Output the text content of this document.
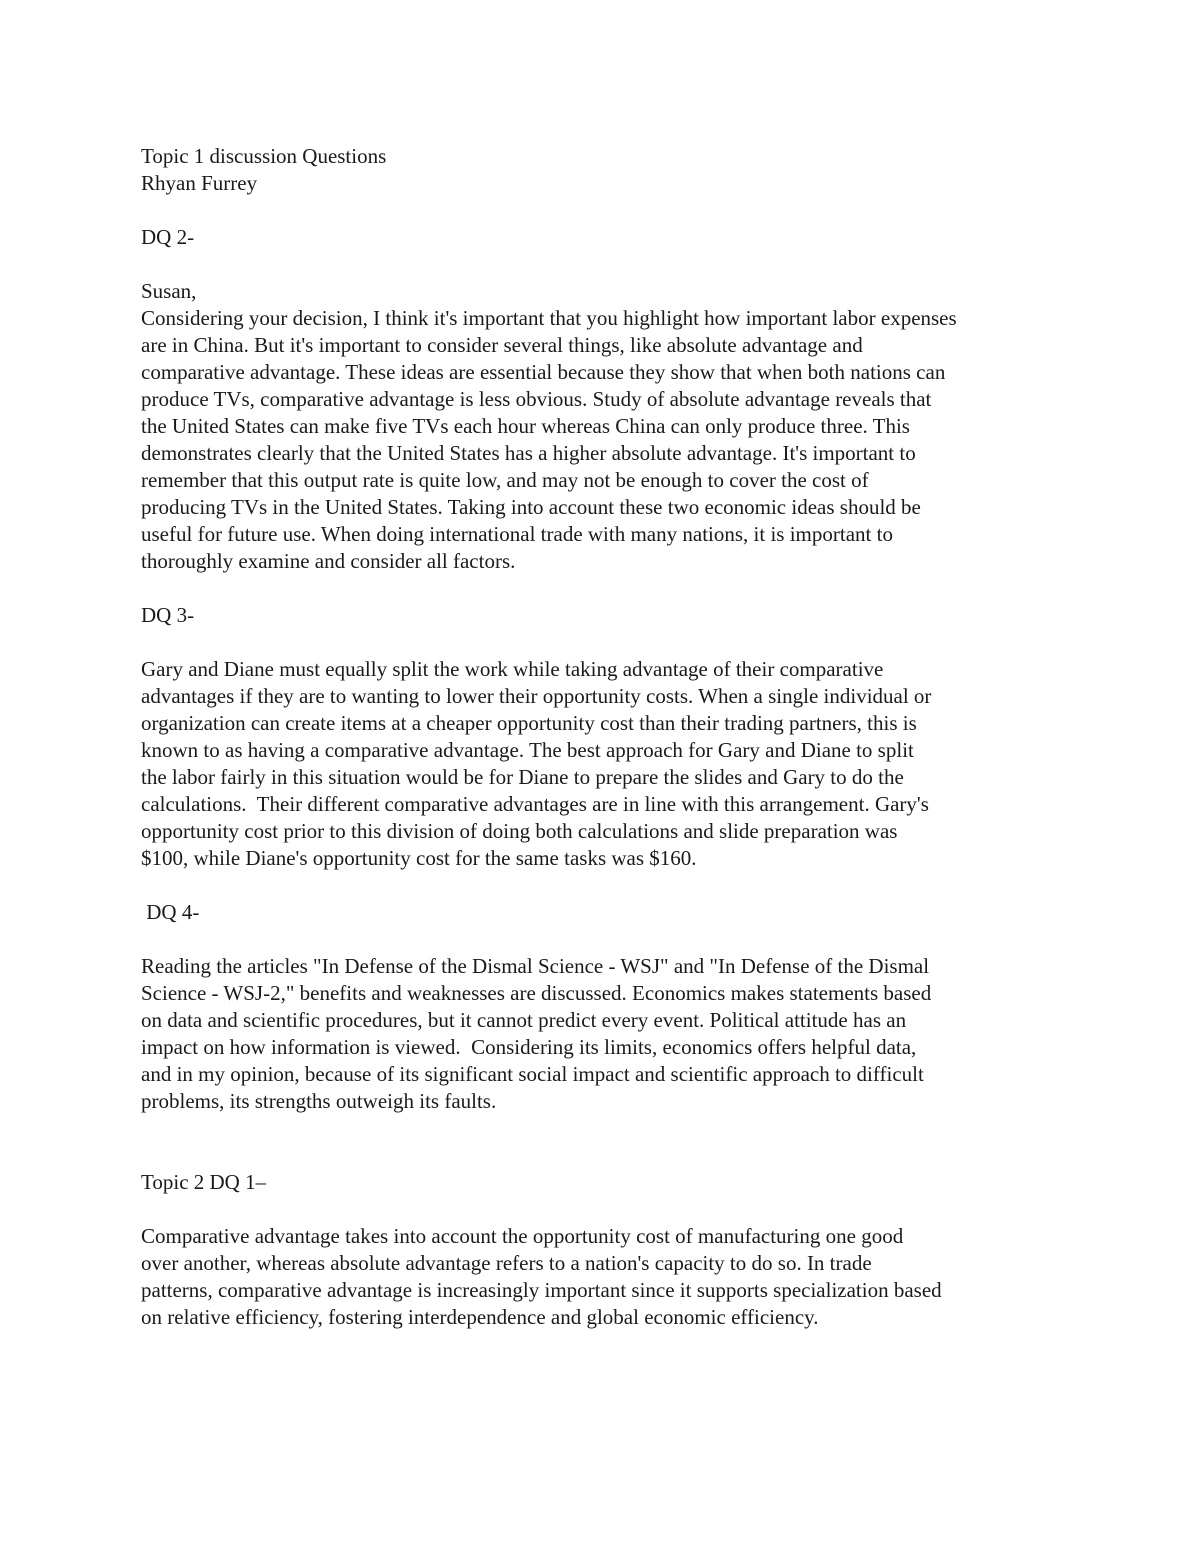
Topic 1 discussion Questions
Rhyan Furrey
DQ 2-
Susan,
Considering your decision, I think it's important that you highlight how important labor expenses
are in China. But it's important to consider several things, like absolute advantage and
comparative advantage. These ideas are essential because they show that when both nations can
produce TVs, comparative advantage is less obvious. Study of absolute advantage reveals that
the United States can make five TVs each hour whereas China can only produce three. This
demonstrates clearly that the United States has a higher absolute advantage. It's important to
remember that this output rate is quite low, and may not be enough to cover the cost of
producing TVs in the United States. Taking into account these two economic ideas should be
useful for future use. When doing international trade with many nations, it is important to
thoroughly examine and consider all factors.
DQ 3-
Gary and Diane must equally split the work while taking advantage of their comparative
advantages if they are to wanting to lower their opportunity costs. When a single individual or
organization can create items at a cheaper opportunity cost than their trading partners, this is
known to as having a comparative advantage. The best approach for Gary and Diane to split
the labor fairly in this situation would be for Diane to prepare the slides and Gary to do the
calculations.  Their different comparative advantages are in line with this arrangement. Gary's
opportunity cost prior to this division of doing both calculations and slide preparation was
$100, while Diane's opportunity cost for the same tasks was $160.
DQ 4-
Reading the articles "In Defense of the Dismal Science - WSJ" and "In Defense of the Dismal
Science - WSJ-2," benefits and weaknesses are discussed. Economics makes statements based
on data and scientific procedures, but it cannot predict every event. Political attitude has an
impact on how information is viewed.  Considering its limits, economics offers helpful data,
and in my opinion, because of its significant social impact and scientific approach to difficult
problems, its strengths outweigh its faults.
Topic 2 DQ 1–
Comparative advantage takes into account the opportunity cost of manufacturing one good
over another, whereas absolute advantage refers to a nation's capacity to do so. In trade
patterns, comparative advantage is increasingly important since it supports specialization based
on relative efficiency, fostering interdependence and global economic efficiency.
